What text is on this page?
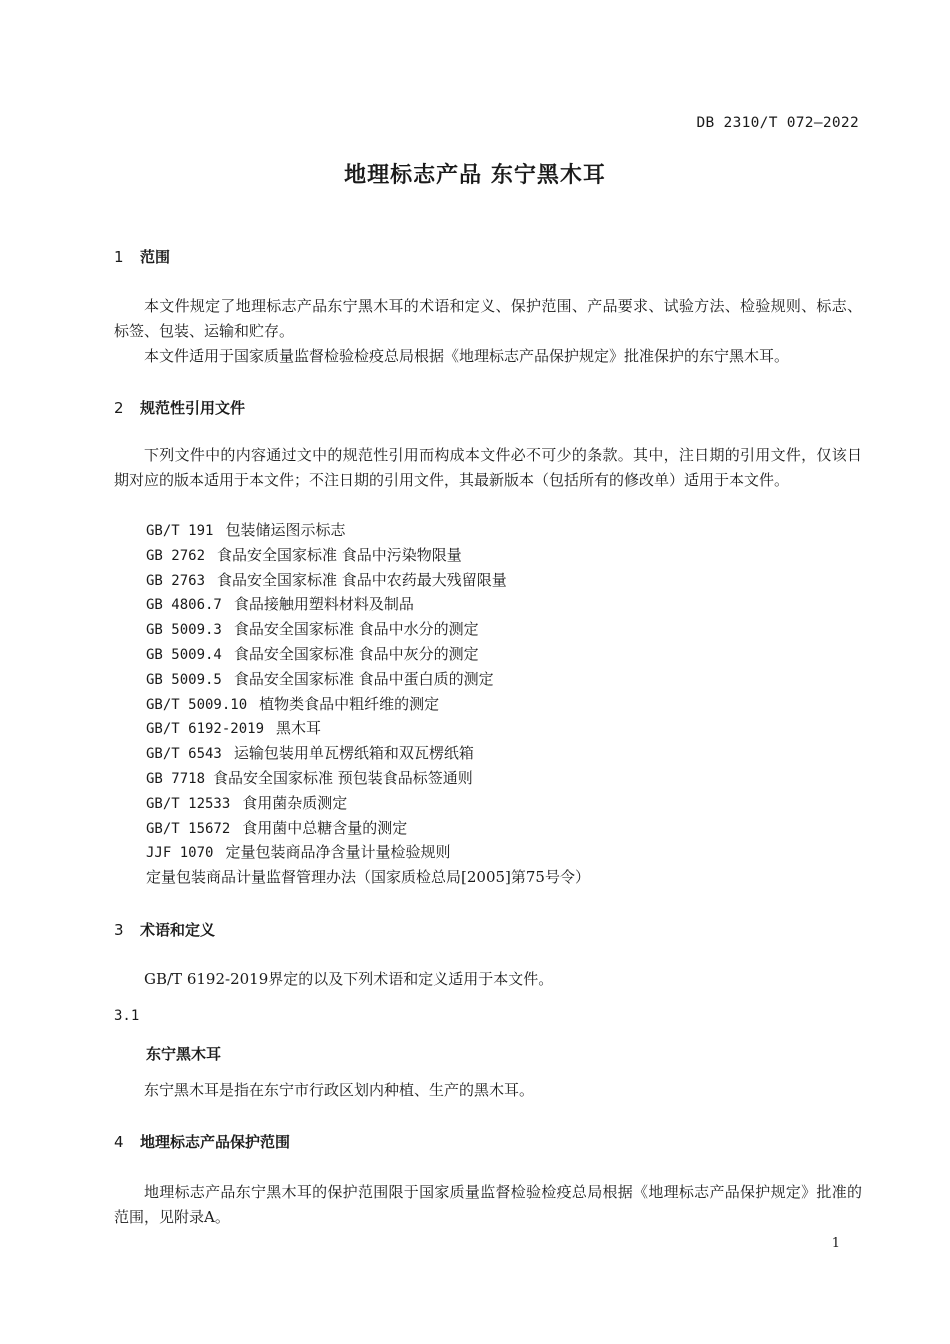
DB 2310/T 072—2022
地理标志产品 东宁黑木耳
1 范围
本文件规定了地理标志产品东宁黑木耳的术语和定义、保护范围、产品要求、试验方法、检验规则、标志、标签、包装、运输和贮存。
本文件适用于国家质量监督检验检疫总局根据《地理标志产品保护规定》批准保护的东宁黑木耳。
2 规范性引用文件
下列文件中的内容通过文中的规范性引用而构成本文件必不可少的条款。其中，注日期的引用文件，仅该日期对应的版本适用于本文件；不注日期的引用文件，其最新版本（包括所有的修改单）适用于本文件。
GB/T 191 包装储运图示标志
GB 2762 食品安全国家标准 食品中污染物限量
GB 2763 食品安全国家标准 食品中农药最大残留限量
GB 4806.7 食品接触用塑料材料及制品
GB 5009.3 食品安全国家标准 食品中水分的测定
GB 5009.4 食品安全国家标准 食品中灰分的测定
GB 5009.5 食品安全国家标准 食品中蛋白质的测定
GB/T 5009.10 植物类食品中粗纤维的测定
GB/T 6192-2019 黑木耳
GB/T 6543 运输包装用单瓦楞纸箱和双瓦楞纸箱
GB 7718 食品安全国家标准 预包装食品标签通则
GB/T 12533 食用菌杂质测定
GB/T 15672 食用菌中总糖含量的测定
JJF 1070 定量包装商品净含量计量检验规则
定量包装商品计量监督管理办法（国家质检总局[2005]第75号令）
3 术语和定义
GB/T 6192-2019界定的以及下列术语和定义适用于本文件。
3.1
东宁黑木耳
东宁黑木耳是指在东宁市行政区划内种植、生产的黑木耳。
4 地理标志产品保护范围
地理标志产品东宁黑木耳的保护范围限于国家质量监督检验检疫总局根据《地理标志产品保护规定》批准的范围，见附录A。
1
